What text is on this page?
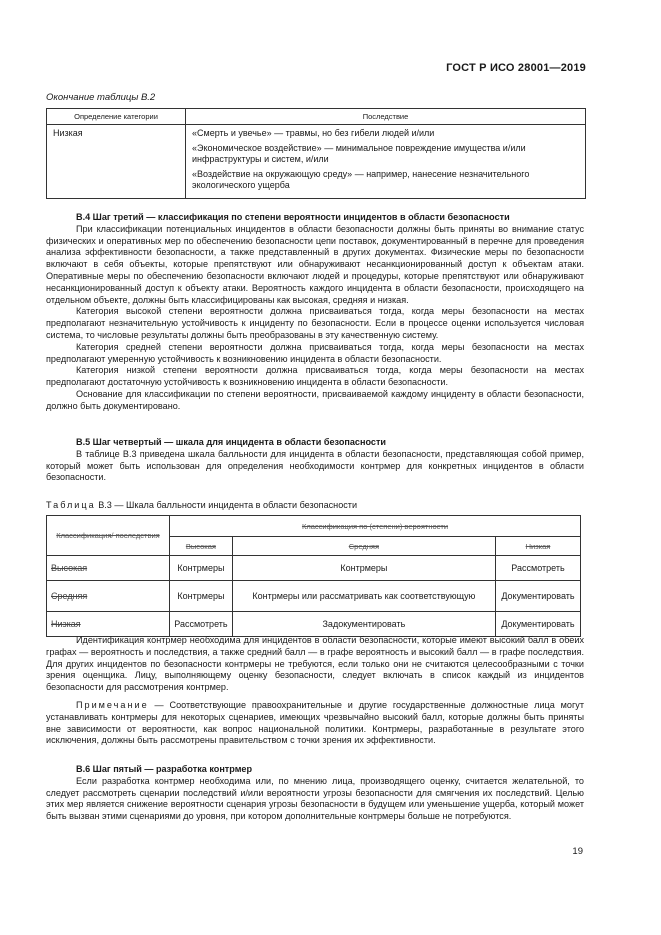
ГОСТ Р ИСО 28001—2019
Окончание таблицы В.2
Определение категории	Последствие
Низкая	«Смерть и увечье» — травмы, но без гибели людей и/или

«Экономическое воздействие» — минимальное повреждение имущества и/или инфраструктуры и систем, и/или

«Воздействие на окружающую среду» — например, нанесение незначительного экологического ущерба

В.4 Шаг третий — классификация по степени вероятности инцидентов в области безопасности

При классификации потенциальных инцидентов в области безопасности должны быть приняты во внимание статус физических и оперативных мер по обеспечению безопасности цепи поставок, документированный в перечне для проведения анализа эффективности безопасности, а также представленный в других документах. Физические меры по безопасности включают в себя объекты, которые препятствуют или обнаруживают несанкционированный доступ к объектам атаки. Оперативные меры по обеспечению безопасности включают людей и процедуры, которые препятствуют или обнаруживают несанкционированный доступ к объекту атаки. Вероятность каждого инцидента в области безопасности, происходящего на отдельном объекте, должны быть классифицированы как высокая, средняя и низкая.

Категория высокой степени вероятности должна присваиваться тогда, когда меры безопасности на местах предполагают незначительную устойчивость к инциденту по безопасности. Если в процессе оценки используется числовая система, то числовые результаты должны быть преобразованы в эту качественную систему.

Категория средней степени вероятности должна присваиваться тогда, когда меры безопасности на местах предполагают умеренную устойчивость к возникновению инцидента в области безопасности.

Категория низкой степени вероятности должна присваиваться тогда, когда меры безопасности на местах предполагают достаточную устойчивость к возникновению инцидента в области безопасности.

Основание для классификации по степени вероятности, присваиваемой каждому инциденту в области безопасности, должно быть документировано.

В.5 Шаг четвертый — шкала для инцидента в области безопасности

В таблице В.3 приведена шкала балльности для инцидента в области безопасности, представляющая собой пример, который может быть использован для определения необходимости контрмер для конкретных инцидентов в области безопасности.

Таблица В.3 — Шкала балльности инцидента в области безопасности
Классификация/ последствия	Классификация по (степени) вероятности		
	Высокая	Средняя	Низкая
Высокая	Контрмеры	Контрмеры	Рассмотреть
Средняя	Контрмеры	Контрмеры или рассматривать как соответствующую	Документировать
Низкая	Рассмотреть	Задокументировать	Документировать

Идентификация контрмер необходима для инцидентов в области безопасности, которые имеют высокий балл в обеих графах — вероятность и последствия, а также средний балл — в графе вероятность и высокий балл — в графе последствия. Для других инцидентов по безопасности контрмеры не требуются, если только они не считаются целесообразными с точки зрения оценщика. Лицу, выполняющему оценку безопасности, следует включать в список каждый из инцидентов безопасности для рассмотрения контрмер.

Примечание — Соответствующие правоохранительные и другие государственные должностные лица могут устанавливать контрмеры для некоторых сценариев, имеющих чрезвычайно высокий балл, которые должны быть приняты вне зависимости от вероятности, как вопрос национальной политики. Контрмеры, разработанные в результате этого исключения, должны быть рассмотрены правительством с точки зрения их эффективности.

В.6 Шаг пятый — разработка контрмер

Если разработка контрмер необходима или, по мнению лица, производящего оценку, считается желательной, то следует рассмотреть сценарии последствий и/или вероятности угрозы безопасности для смягчения их последствий. Целью этих мер является снижение вероятности сценария угрозы безопасности в будущем или уменьшение ущерба, который может быть вызван этими сценариями до уровня, при котором дополнительные контрмеры больше не потребуются.

19
